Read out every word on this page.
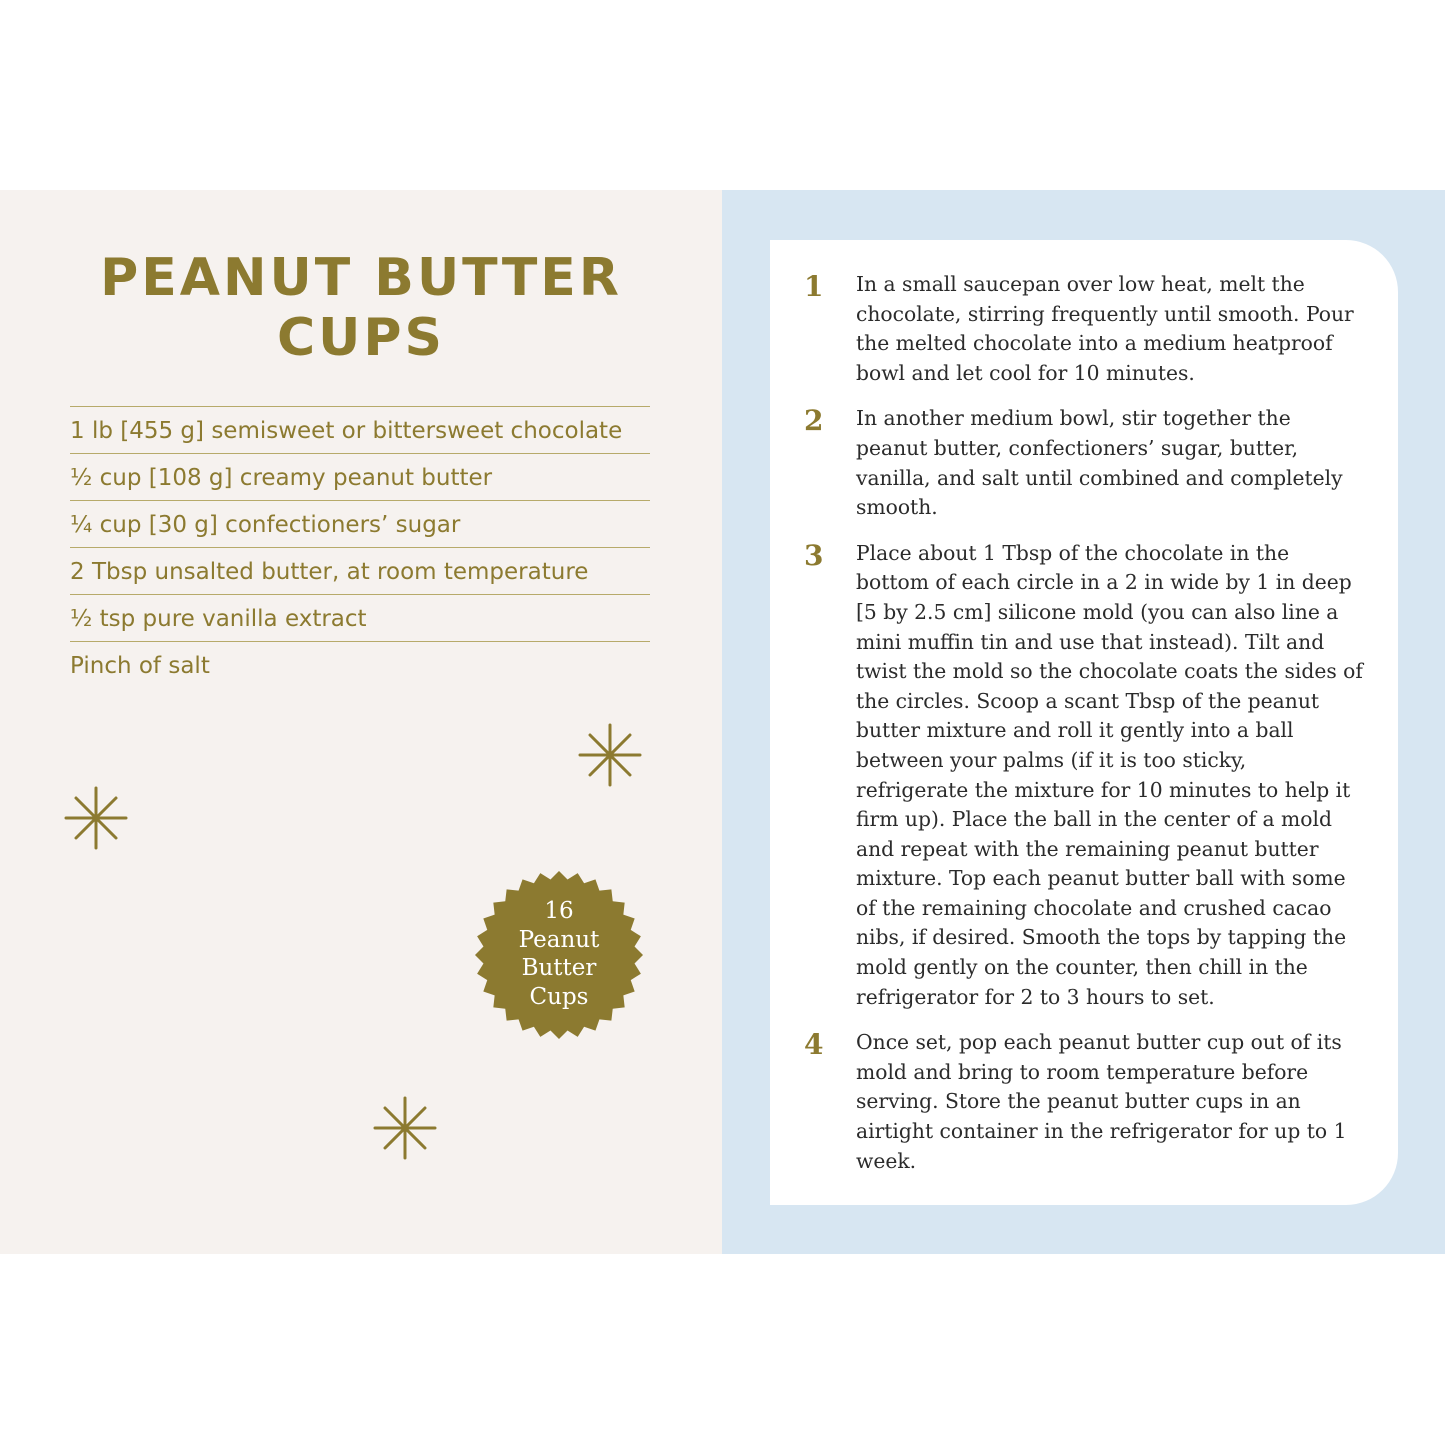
PEANUT BUTTER
CUPS
1 lb [455 g] semisweet or bittersweet chocolate
½ cup [108 g] creamy peanut butter
¼ cup [30 g] confectioners’ sugar
2 Tbsp unsalted butter, at room temperature
½ tsp pure vanilla extract
Pinch of salt
16
Peanut
Butter
Cups
1 In a small saucepan over low heat, melt the chocolate, stirring frequently until smooth. Pour the melted chocolate into a medium heatproof bowl and let cool for 10 minutes.

2 In another medium bowl, stir together the peanut butter, confectioners’ sugar, butter, vanilla, and salt until combined and completely smooth.

3 Place about 1 Tbsp of the chocolate in the bottom of each circle in a 2 in wide by 1 in deep [5 by 2.5 cm] silicone mold (you can also line a mini muffin tin and use that instead). Tilt and twist the mold so the chocolate coats the sides of the circles. Scoop a scant Tbsp of the peanut butter mixture and roll it gently into a ball between your palms (if it is too sticky, refrigerate the mixture for 10 minutes to help it firm up). Place the ball in the center of a mold and repeat with the remaining peanut butter mixture. Top each peanut butter ball with some of the remaining chocolate and crushed cacao nibs, if desired. Smooth the tops by tapping the mold gently on the counter, then chill in the refrigerator for 2 to 3 hours to set.

4 Once set, pop each peanut butter cup out of its mold and bring to room temperature before serving. Store the peanut butter cups in an airtight container in the refrigerator for up to 1 week.
